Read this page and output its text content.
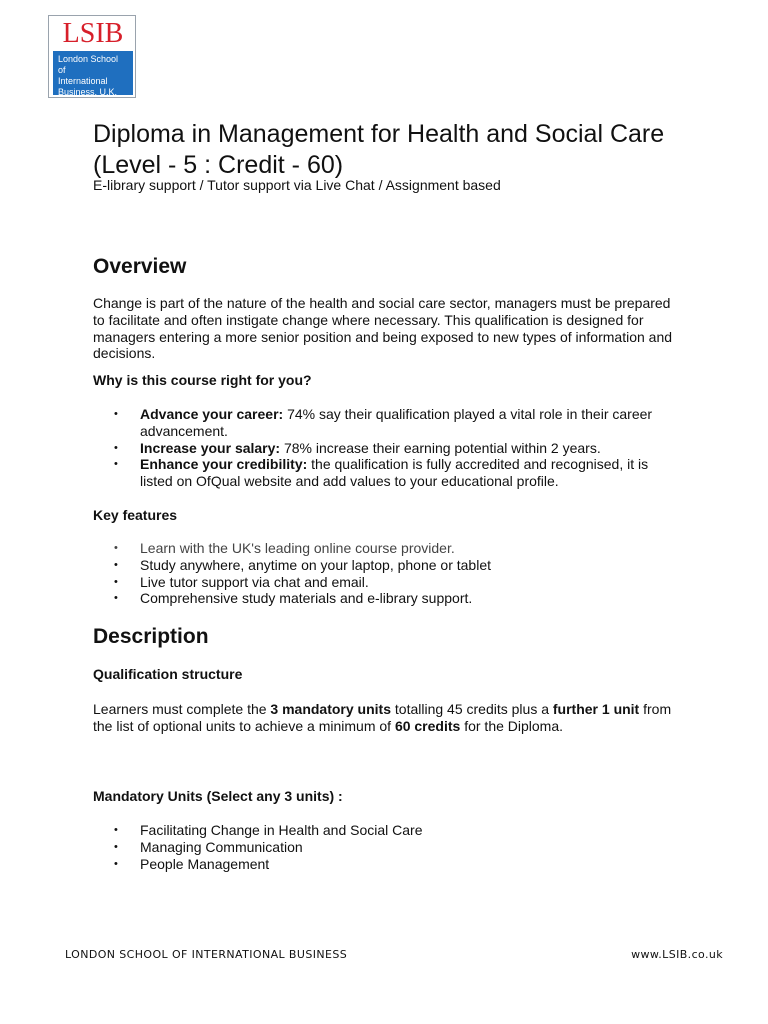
LSIB
London School of
International
Business, U.K.
Diploma in Management for Health and Social Care (Level - 5 : Credit - 60)
E-library support / Tutor support via Live Chat / Assignment based
Overview

Change is part of the nature of the health and social care sector, managers must be prepared to facilitate and often instigate change where necessary. This qualification is designed for managers entering a more senior position and being exposed to new types of information and decisions.

Why is this course right for you?
• Advance your career: 74% say their qualification played a vital role in their career advancement.
• Increase your salary: 78% increase their earning potential within 2 years.
• Enhance your credibility: the qualification is fully accredited and recognised, it is listed on OfQual website and add values to your educational profile.
Key features
• Learn with the UK's leading online course provider.
• Study anywhere, anytime on your laptop, phone or tablet
• Live tutor support via chat and email.
• Comprehensive study materials and e-library support.
Description
Qualification structure

Learners must complete the 3 mandatory units totalling 45 credits plus a further 1 unit from the list of optional units to achieve a minimum of 60 credits for the Diploma.

Mandatory Units (Select any 3 units) :
• Facilitating Change in Health and Social Care
• Managing Communication
• People Management
LONDON SCHOOL OF INTERNATIONAL BUSINESS	www.LSIB.co.uk
